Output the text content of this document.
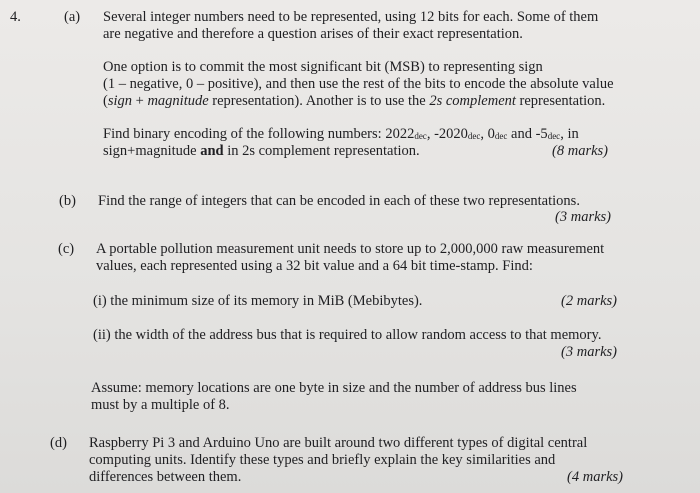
4.	(a) Several integer numbers need to be represented, using 12 bits for each. Some of them
are negative and therefore a question arises of their exact representation.
One option is to commit the most significant bit (MSB) to representing sign
(1 – negative, 0 – positive), and then use the rest of the bits to encode the absolute value
(sign + magnitude representation). Another is to use the 2s complement representation.
Find binary encoding of the following numbers: $2022_{dec}$, $-2020_{dec}$, $0_{dec}$ and $-5_{dec}$, in
sign+magnitude and in 2s complement representation.	(8 marks)
(b) Find the range of integers that can be encoded in each of these two representations.
(3 marks)
(c) A portable pollution measurement unit needs to store up to 2,000,000 raw measurement
values, each represented using a 32 bit value and a 64 bit time-stamp. Find:
(i) the minimum size of its memory in MiB (Mebibytes).	(2 marks)
(ii) the width of the address bus that is required to allow random access to that memory.
(3 marks)
Assume: memory locations are one byte in size and the number of address bus lines
must by a multiple of 8.
(d) Raspberry Pi 3 and Arduino Uno are built around two different types of digital central
computing units. Identify these types and briefly explain the key similarities and
differences between them.	(4 marks)
